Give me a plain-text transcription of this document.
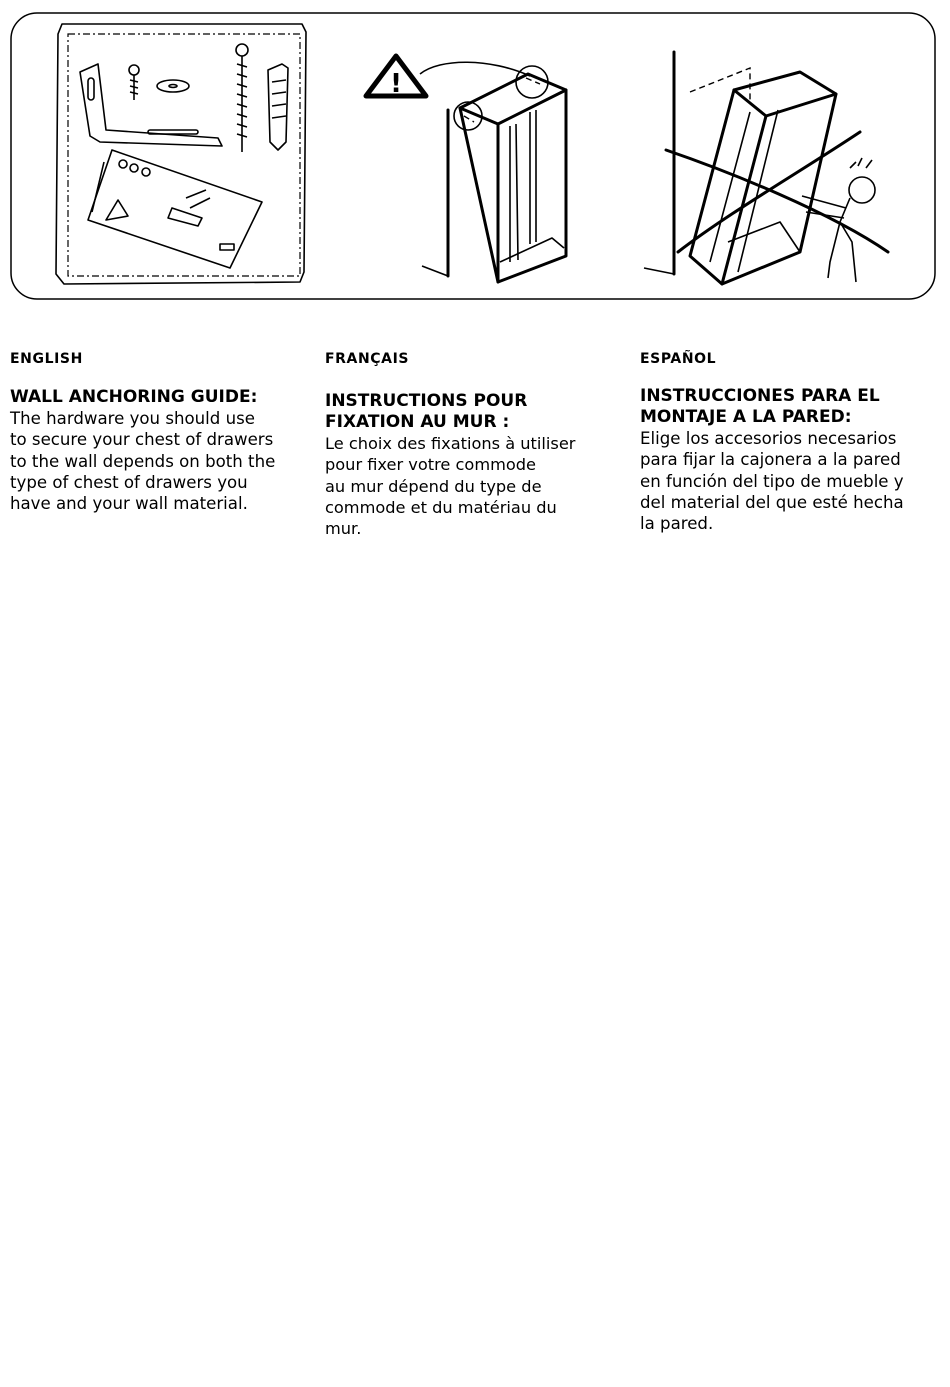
!

ENGLISH

WALL ANCHORING GUIDE:

The hardware you should use
to secure your chest of drawers
to the wall depends on both the
type of chest of drawers you
have and your wall material.

FRANÇAIS

INSTRUCTIONS POUR
FIXATION AU MUR :

Le choix des fixations à utiliser
pour fixer votre commode
au mur dépend du type de
commode et du matériau du
mur.

ESPAÑOL

INSTRUCCIONES PARA EL
MONTAJE A LA PARED:

Elige los accesorios necesarios
para fijar la cajonera a la pared
en función del tipo de mueble y
del material del que esté hecha
la pared.
